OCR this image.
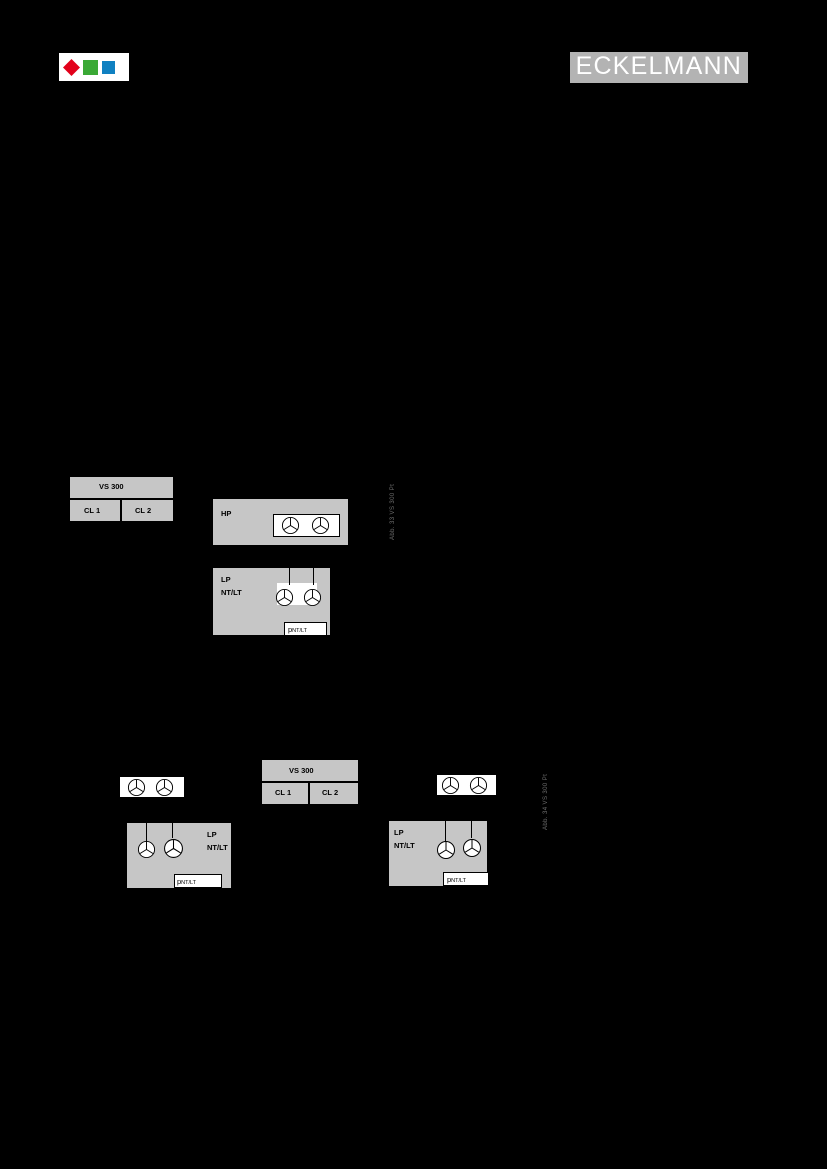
ECKELMANN
VS 300
CL 1	CL 2
Control loop 2
Control loop 1
HP
pC
LP
NT/LT
pNT/LT
to NT/LT refr. point
from NT/LT refr. point
Abb. 33 VS 300 Pt
VS 300
CL 1	CL 2
Control loop 1	Control loop 2
LP
NT/LT
pNT/LT
to NT/LT refr. point
from NT/LT refr. point
LP
NT/LT
pNT/LT
to NT/LT refr. point
from NT/LT refr. point
Abb. 34 VS 300 Pt
